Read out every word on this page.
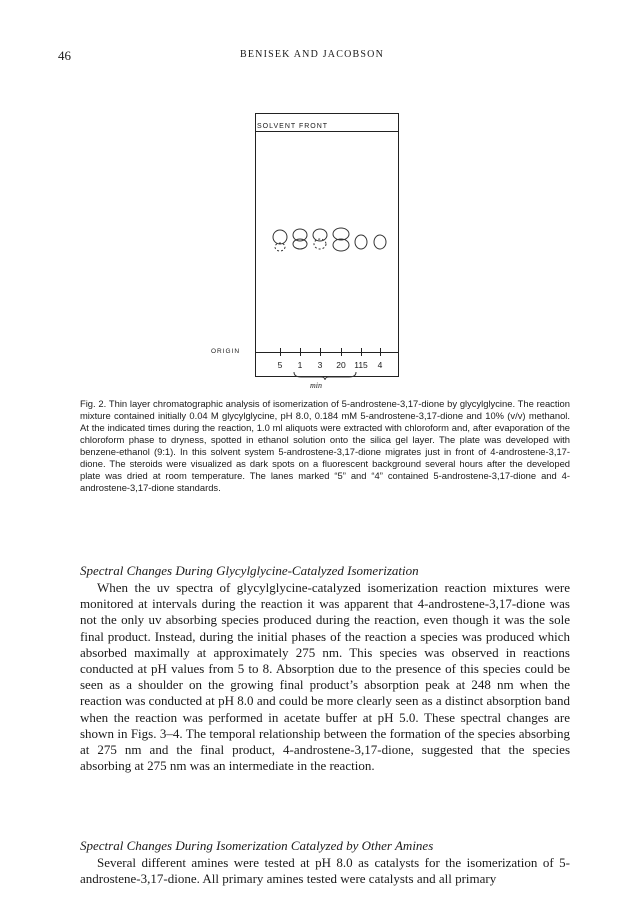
46	BENISEK AND JACOBSON
SOLVENT FRONT
ORIGIN
5	1	3	20 115	4
min
Fig. 2. Thin layer chromatographic analysis of isomerization of 5-androstene-3,17-dione by glycylglycine. The reaction mixture contained initially 0.04 M glycylglycine, pH 8.0, 0.184 mM 5-androstene-3,17-dione and 10% (v/v) methanol. At the indicated times during the reaction, 1.0 ml aliquots were extracted with chloroform and, after evaporation of the chloroform phase to dryness, spotted in ethanol solution onto the silica gel layer. The plate was developed with benzene-ethanol (9:1). In this solvent system 5-androstene-3,17-dione migrates just in front of 4-androstene-3,17-dione. The steroids were visualized as dark spots on a fluorescent background several hours after the developed plate was dried at room temperature. The lanes marked “5” and “4” contained 5-androstene-3,17-dione and 4-androstene-3,17-dione standards.
Spectral Changes During Glycylglycine-Catalyzed Isomerization

When the uv spectra of glycylglycine-catalyzed isomerization reaction mixtures were monitored at intervals during the reaction it was apparent that 4-androstene-3,17-dione was not the only uv absorbing species produced during the reaction, even though it was the sole final product. Instead, during the initial phases of the reaction a species was produced which absorbed maximally at approximately 275 nm. This species was observed in reactions conducted at pH values from 5 to 8. Absorption due to the presence of this species could be seen as a shoulder on the growing final product’s absorption peak at 248 nm when the reaction was conducted at pH 8.0 and could be more clearly seen as a distinct absorption band when the reaction was performed in acetate buffer at pH 5.0. These spectral changes are shown in Figs. 3–4. The temporal relationship between the formation of the species absorbing at 275 nm and the final product, 4-androstene-3,17-dione, suggested that the species absorbing at 275 nm was an intermediate in the reaction.

Spectral Changes During Isomerization Catalyzed by Other Amines

Several different amines were tested at pH 8.0 as catalysts for the isomerization of 5-androstene-3,17-dione. All primary amines tested were catalysts and all primary
